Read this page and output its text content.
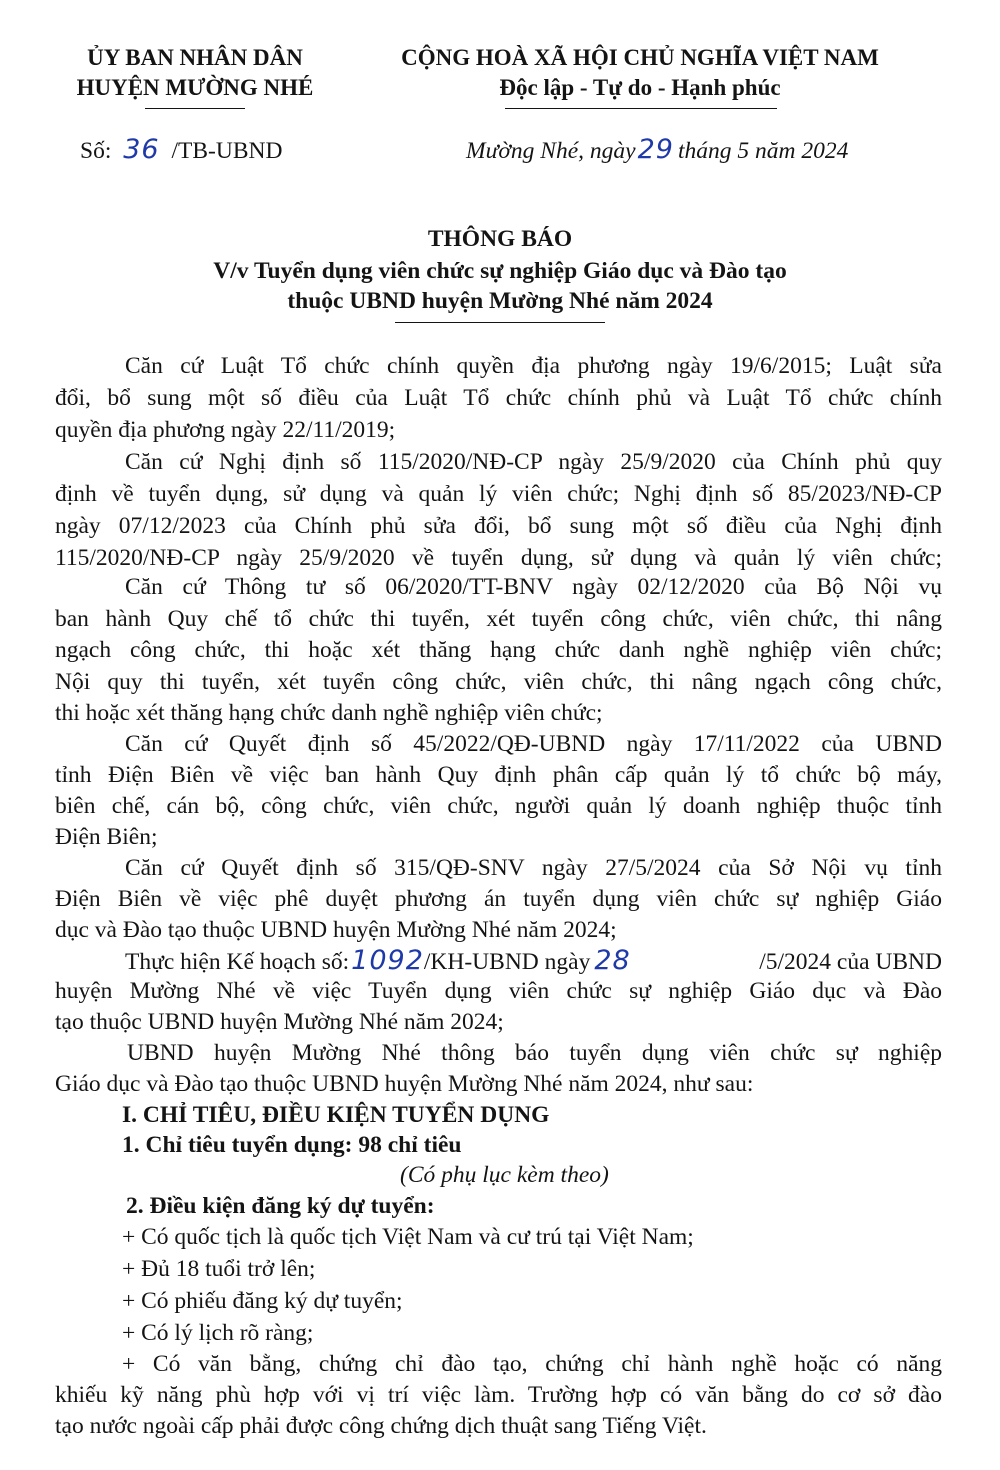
ỦY BAN NHÂN DÂN
HUYỆN MƯỜNG NHÉ
CỘNG HOÀ XÃ HỘI CHỦ NGHĨA VIỆT NAM
Độc lập - Tự do - Hạnh phúc
Số: 36 /TB-UBND	Mường Nhé, ngày29 tháng 5 năm 2024
THÔNG BÁO
V/v Tuyển dụng viên chức sự nghiệp Giáo dục và Đào tạo
thuộc UBND huyện Mường Nhé năm 2024
Căn cứ Luật Tổ chức chính quyền địa phương ngày 19/6/2015; Luật sửa
đổi, bổ sung một số điều của Luật Tổ chức chính phủ và Luật Tổ chức chính
quyền địa phương ngày 22/11/2019;
Căn cứ Nghị định số 115/2020/NĐ-CP ngày 25/9/2020 của Chính phủ quy
định về tuyển dụng, sử dụng và quản lý viên chức; Nghị định số 85/2023/NĐ-CP
ngày 07/12/2023 của Chính phủ sửa đổi, bổ sung một số điều của Nghị định
115/2020/NĐ-CP ngày 25/9/2020 về tuyển dụng, sử dụng và quản lý viên chức;
Căn cứ Thông tư số 06/2020/TT-BNV ngày 02/12/2020 của Bộ Nội vụ
ban hành Quy chế tổ chức thi tuyển, xét tuyển công chức, viên chức, thi nâng
ngạch công chức, thi hoặc xét thăng hạng chức danh nghề nghiệp viên chức;
Nội quy thi tuyển, xét tuyển công chức, viên chức, thi nâng ngạch công chức,
thi hoặc xét thăng hạng chức danh nghề nghiệp viên chức;
Căn cứ Quyết định số 45/2022/QĐ-UBND ngày 17/11/2022 của UBND
tỉnh Điện Biên về việc ban hành Quy định phân cấp quản lý tổ chức bộ máy,
biên chế, cán bộ, công chức, viên chức, người quản lý doanh nghiệp thuộc tỉnh
Điện Biên;
Căn cứ Quyết định số 315/QĐ-SNV ngày 27/5/2024 của Sở Nội vụ tỉnh
Điện Biên về việc phê duyệt phương án tuyển dụng viên chức sự nghiệp Giáo
dục và Đào tạo thuộc UBND huyện Mường Nhé năm 2024;
Thực hiện Kế hoạch số:1092/KH-UBND ngày 28	/5/2024 của UBND
huyện Mường Nhé về việc Tuyển dụng viên chức sự nghiệp Giáo dục và Đào
tạo thuộc UBND huyện Mường Nhé năm 2024;
UBND huyện Mường Nhé thông báo tuyển dụng viên chức sự nghiệp
Giáo dục và Đào tạo thuộc UBND huyện Mường Nhé năm 2024, như sau:
I. CHỈ TIÊU, ĐIỀU KIỆN TUYỂN DỤNG
1. Chỉ tiêu tuyển dụng: 98 chỉ tiêu
(Có phụ lục kèm theo)
2. Điều kiện đăng ký dự tuyển:
+ Có quốc tịch là quốc tịch Việt Nam và cư trú tại Việt Nam;
+ Đủ 18 tuổi trở lên;
+ Có phiếu đăng ký dự tuyển;
+ Có lý lịch rõ ràng;
+ Có văn bằng, chứng chỉ đào tạo, chứng chỉ hành nghề hoặc có năng
khiếu kỹ năng phù hợp với vị trí việc làm. Trường hợp có văn bằng do cơ sở đào
tạo nước ngoài cấp phải được công chứng dịch thuật sang Tiếng Việt.
